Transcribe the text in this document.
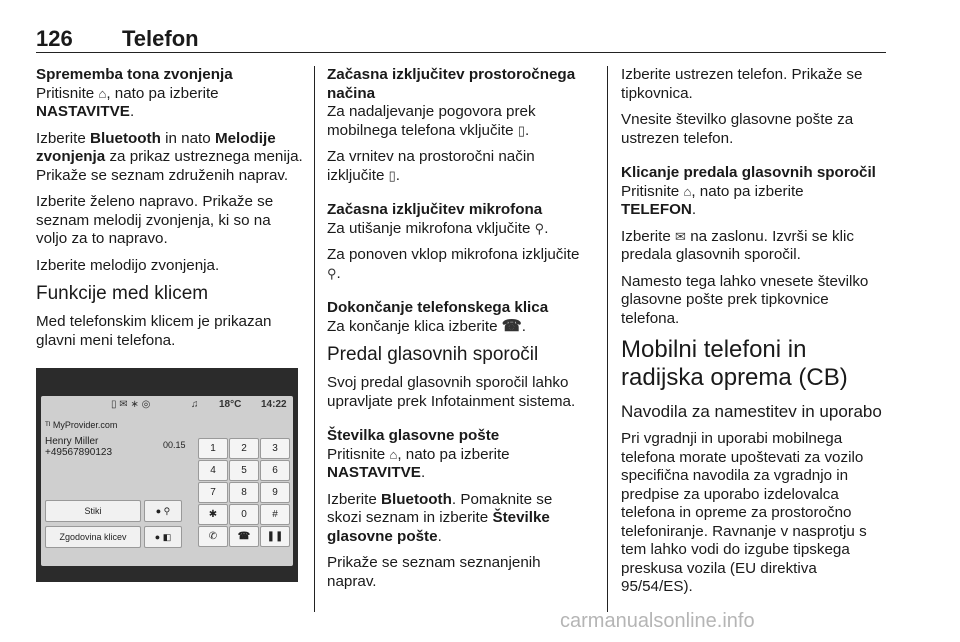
126 Telefon

Sprememba tona zvonjenja

Pritisnite ⌂, nato pa izberite
NASTAVITVE.

Izberite Bluetooth in nato Melodije zvonjenja za prikaz ustreznega menija. Prikaže se seznam združenih naprav.

Izberite želeno napravo. Prikaže se seznam melodij zvonjenja, ki so na voljo za to napravo.

Izberite melodijo zvonjenja.

Funkcije med klicem

Med telefonskim klicem je prikazan glavni meni telefona.

▯ ✉ ∗ ◎	♫ 18°C 14:22
ᵀᴵ MyProvider.com
Henry Miller
+49567890123
00.15
Stiki
Zgodovina klicev
● ⚲
● ◧
1	2	3
4	5	6
7	8	9
✱	0	#
✆	☎	❚❚

Začasna izključitev prostoročnega načina

Za nadaljevanje pogovora prek mobilnega telefona vključite ▯.

Za vrnitev na prostoročni način izključite ▯.

Začasna izključitev mikrofona

Za utišanje mikrofona vključite ⚲.

Za ponoven vklop mikrofona izključite ⚲.

Dokončanje telefonskega klica

Za končanje klica izberite ☎.

Predal glasovnih sporočil

Svoj predal glasovnih sporočil lahko upravljate prek Infotainment sistema.

Številka glasovne pošte

Pritisnite ⌂, nato pa izberite
NASTAVITVE.

Izberite Bluetooth. Pomaknite se skozi seznam in izberite Številke glasovne pošte.

Prikaže se seznam seznanjenih naprav.

Izberite ustrezen telefon. Prikaže se tipkovnica.

Vnesite številko glasovne pošte za ustrezen telefon.

Klicanje predala glasovnih sporočil

Pritisnite ⌂, nato pa izberite
TELEFON.

Izberite ✉ na zaslonu. Izvrši se klic predala glasovnih sporočil.

Namesto tega lahko vnesete številko glasovne pošte prek tipkovnice telefona.

Mobilni telefoni in radijska oprema (CB)
Navodila za namestitev in uporabo

Pri vgradnji in uporabi mobilnega telefona morate upoštevati za vozilo specifična navodila za vgradnjo in predpise za uporabo izdelovalca telefona in opreme za prostoročno telefoniranje. Ravnanje v nasprotju s tem lahko vodi do izgube tipskega preskusa vozila (EU direktiva 95/54/ES).

carmanualsonline.info
